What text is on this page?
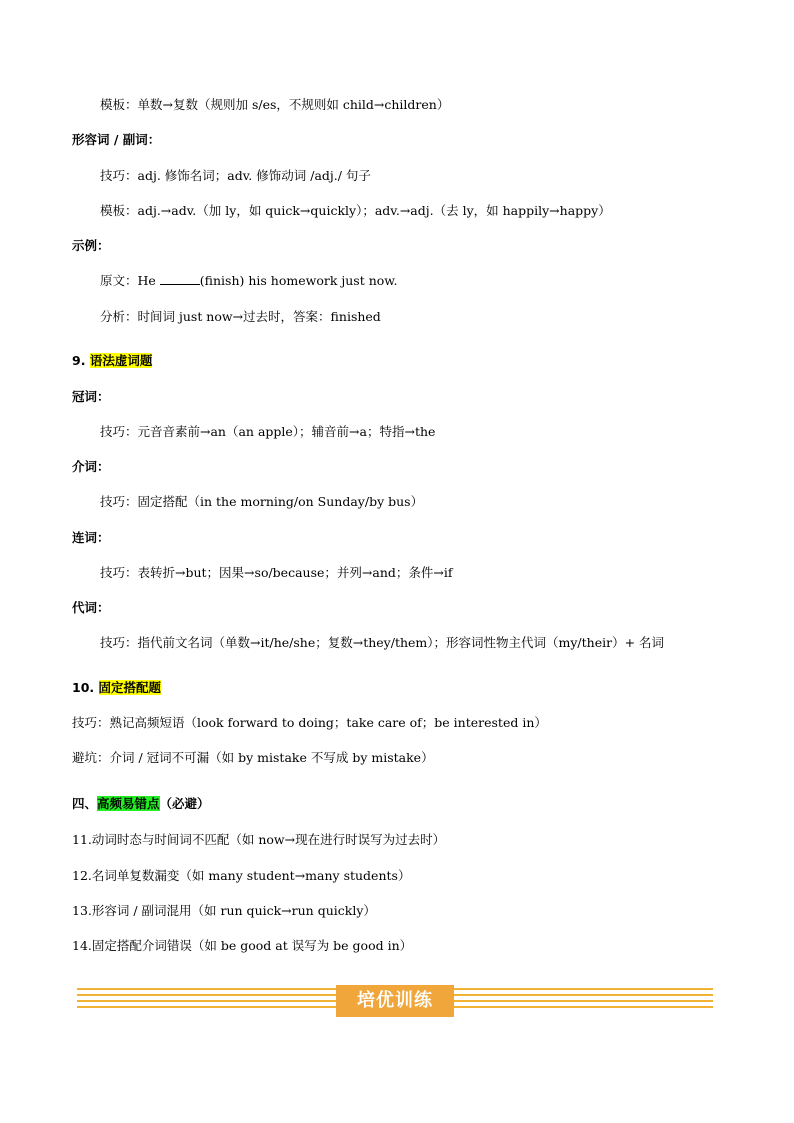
模板：单数→复数（规则加 s/es，不规则如 child→children）
形容词 / 副词：
技巧：adj. 修饰名词；adv. 修饰动词 /adj./ 句子
模板：adj.→adv.（加 ly，如 quick→quickly）；adv.→adj.（去 ly，如 happily→happy）
示例：
原文：He	(finish) his homework just now.
分析：时间词 just now→过去时，答案：finished
9. 语法虚词题
冠词：
技巧：元音音素前→an（an apple）；辅音前→a；特指→the
介词：
技巧：固定搭配（in the morning/on Sunday/by bus）
连词：
技巧：表转折→but；因果→so/because；并列→and；条件→if
代词：
技巧：指代前文名词（单数→it/he/she；复数→they/them）；形容词性物主代词（my/their）+ 名词
10. 固定搭配题
技巧：熟记高频短语（look forward to doing；take care of；be interested in）
避坑：介词 / 冠词不可漏（如 by mistake 不写成 by mistake）
四、高频易错点（必避）
11.动词时态与时间词不匹配（如 now→现在进行时误写为过去时）
12.名词单复数漏变（如 many student→many students）
13.形容词 / 副词混用（如 run quick→run quickly）
14.固定搭配介词错误（如 be good at 误写为 be good in）
培优训练
